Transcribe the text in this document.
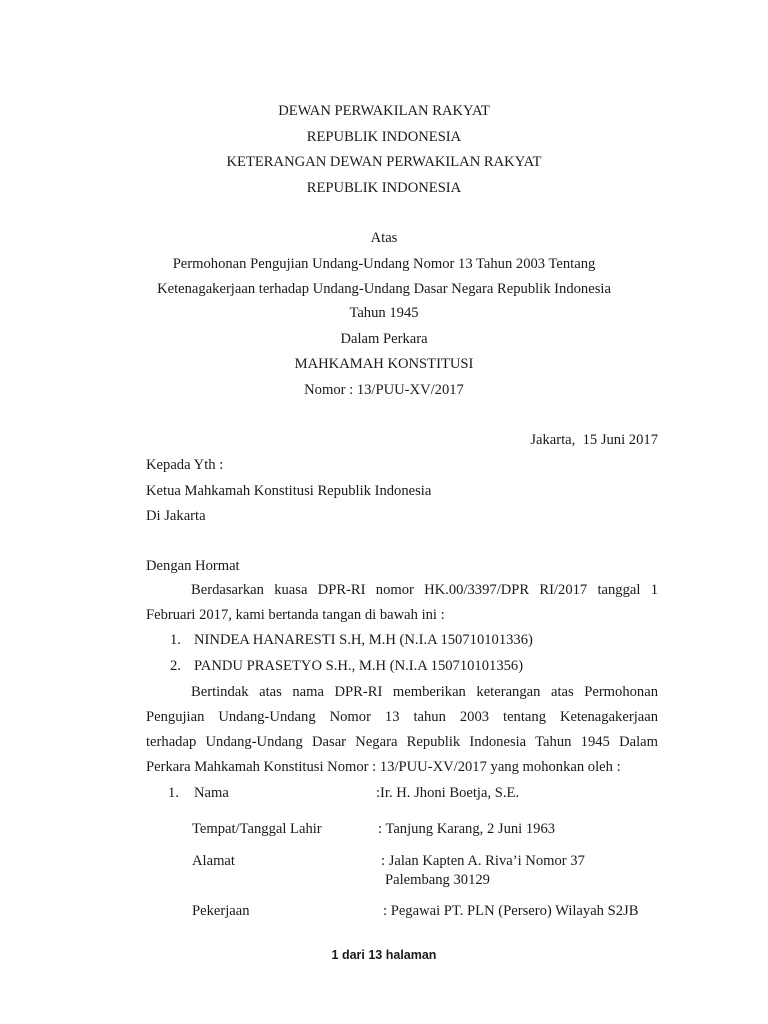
DEWAN PERWAKILAN RAKYAT
REPUBLIK INDONESIA
KETERANGAN DEWAN PERWAKILAN RAKYAT
REPUBLIK INDONESIA
Atas
Permohonan Pengujian Undang-Undang Nomor 13 Tahun 2003 Tentang
Ketenagakerjaan terhadap Undang-Undang Dasar Negara Republik Indonesia
Tahun 1945
Dalam Perkara
MAHKAMAH KONSTITUSI
Nomor : 13/PUU-XV/2017
Jakarta,  15 Juni 2017
Kepada Yth :
Ketua Mahkamah Konstitusi Republik Indonesia
Di Jakarta
Dengan Hormat
Berdasarkan kuasa DPR-RI nomor HK.00/3397/DPR RI/2017 tanggal 1
Februari 2017, kami bertanda tangan di bawah ini :
1. NINDEA HANARESTI S.H, M.H (N.I.A 150710101336)
2. PANDU PRASETYO S.H., M.H (N.I.A 150710101356)
Bertindak atas nama DPR-RI memberikan keterangan atas Permohonan
Pengujian Undang-Undang Nomor 13 tahun 2003 tentang Ketenagakerjaan
terhadap Undang-Undang Dasar Negara Republik Indonesia Tahun 1945 Dalam
Perkara Mahkamah Konstitusi Nomor : 13/PUU-XV/2017 yang mohonkan oleh :
1. Nama	:Ir. H. Jhoni Boetja, S.E.
Tempat/Tanggal Lahir	: Tanjung Karang, 2 Juni 1963
Alamat	: Jalan Kapten A. Riva’i Nomor 37
Palembang 30129
Pekerjaan	: Pegawai PT. PLN (Persero) Wilayah S2JB
1 dari 13 halaman
